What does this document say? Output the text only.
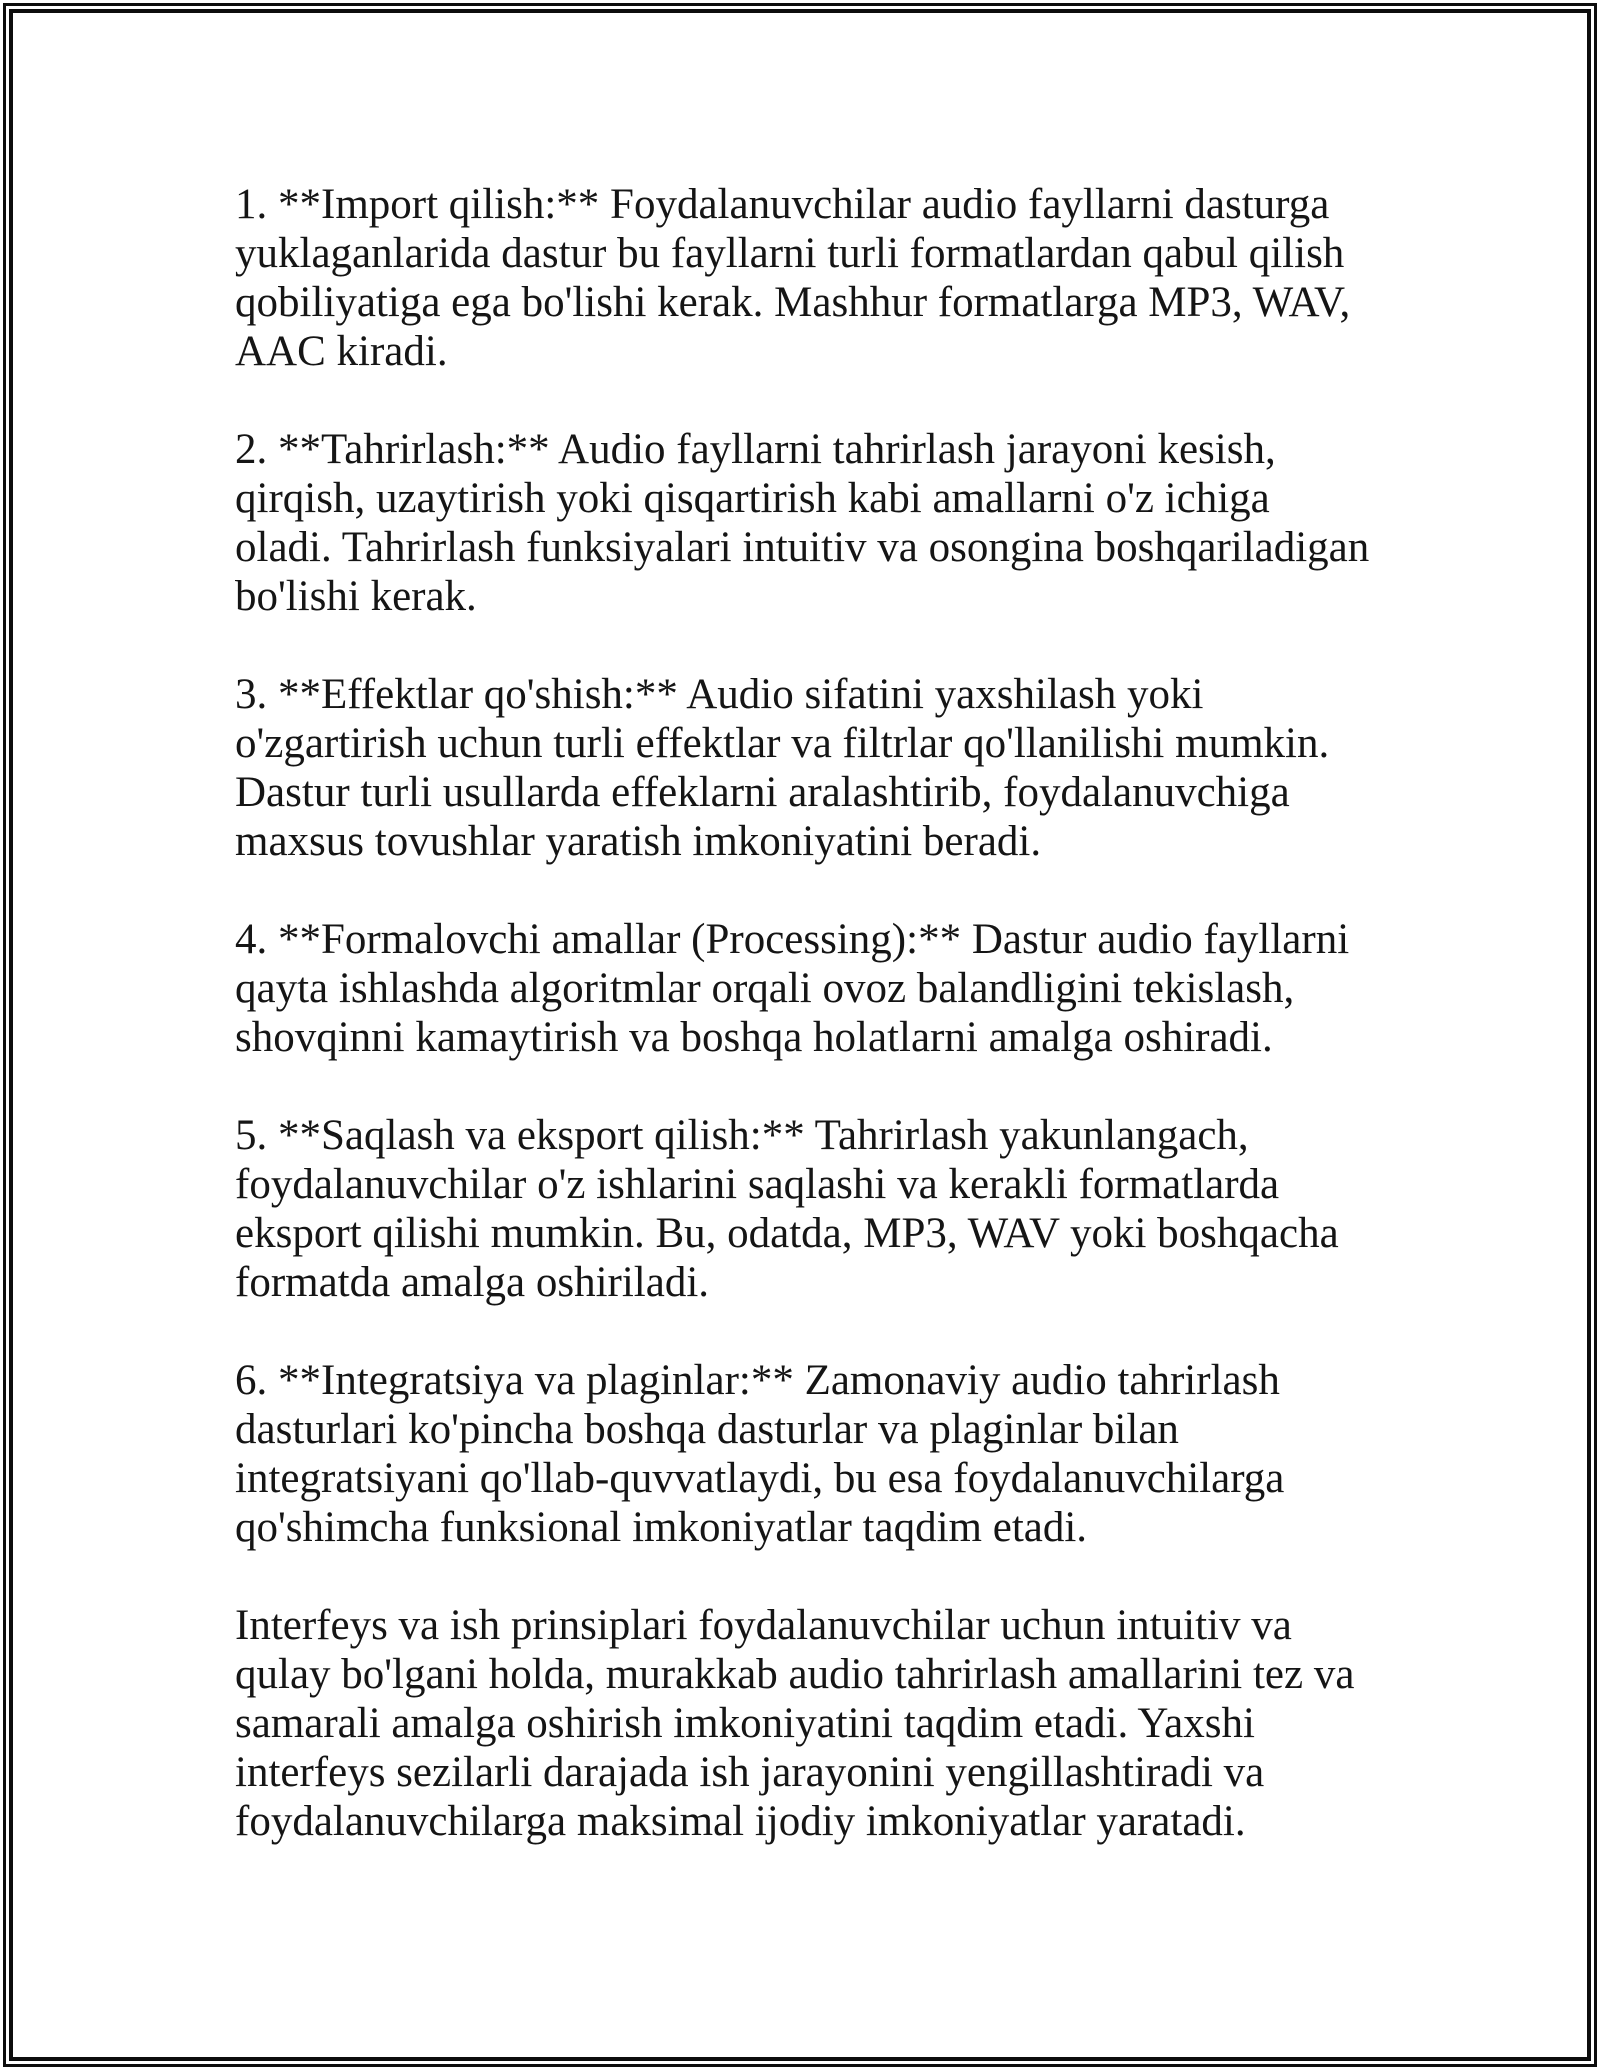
1. **Import qilish:** Foydalanuvchilar audio fayllarni dasturga yuklaganlarida dastur bu fayllarni turli formatlardan qabul qilish qobiliyatiga ega bo'lishi kerak. Mashhur formatlarga MP3, WAV, AAC kiradi.

2. **Tahrirlash:** Audio fayllarni tahrirlash jarayoni kesish, qirqish, uzaytirish yoki qisqartirish kabi amallarni o'z ichiga oladi. Tahrirlash funksiyalari intuitiv va osongina boshqariladigan bo'lishi kerak.

3. **Effektlar qo'shish:** Audio sifatini yaxshilash yoki o'zgartirish uchun turli effektlar va filtrlar qo'llanilishi mumkin. Dastur turli usullarda effeklarni aralashtirib, foydalanuvchiga maxsus tovushlar yaratish imkoniyatini beradi.

4. **Formalovchi amallar (Processing):** Dastur audio fayllarni qayta ishlashda algoritmlar orqali ovoz balandligini tekislash, shovqinni kamaytirish va boshqa holatlarni amalga oshiradi.

5. **Saqlash va eksport qilish:** Tahrirlash yakunlangach, foydalanuvchilar o'z ishlarini saqlashi va kerakli formatlarda eksport qilishi mumkin. Bu, odatda, MP3, WAV yoki boshqacha formatda amalga oshiriladi.

6. **Integratsiya va plaginlar:** Zamonaviy audio tahrirlash dasturlari ko'pincha boshqa dasturlar va plaginlar bilan integratsiyani qo'llab-quvvatlaydi, bu esa foydalanuvchilarga qo'shimcha funksional imkoniyatlar taqdim etadi.

Interfeys va ish prinsiplari foydalanuvchilar uchun intuitiv va qulay bo'lgani holda, murakkab audio tahrirlash amallarini tez va samarali amalga oshirish imkoniyatini taqdim etadi. Yaxshi interfeys sezilarli darajada ish jarayonini yengillashtiradi va foydalanuvchilarga maksimal ijodiy imkoniyatlar yaratadi.
